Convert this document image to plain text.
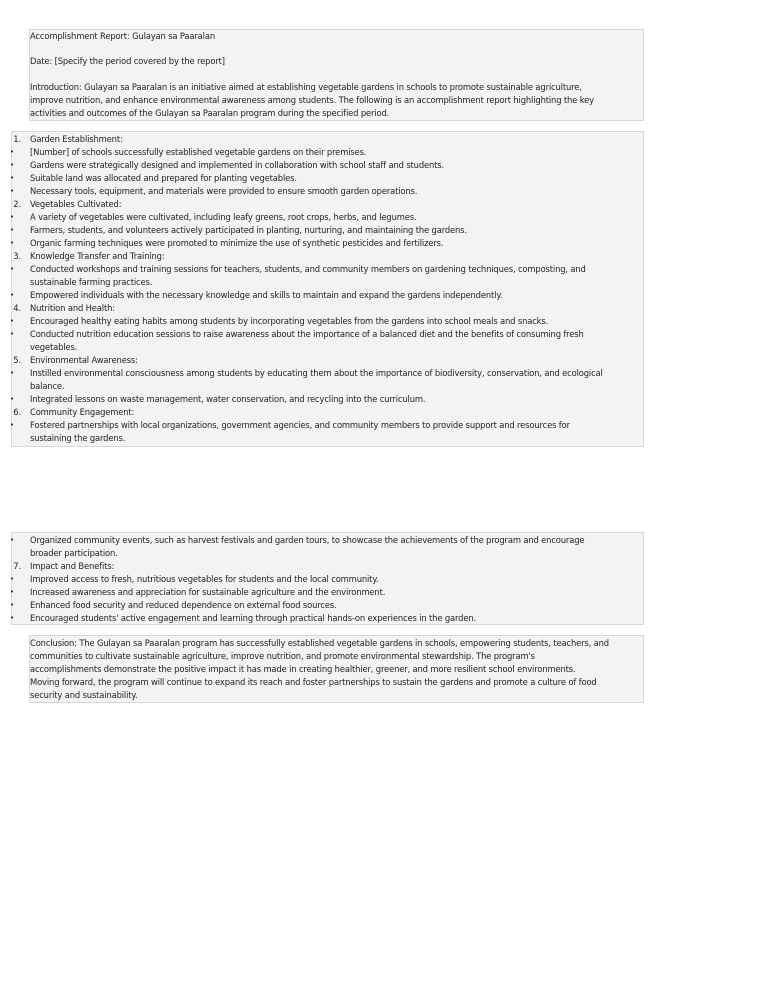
Accomplishment Report: Gulayan sa Paaralan
Date: [Specify the period covered by the report]
Introduction: Gulayan sa Paaralan is an initiative aimed at establishing vegetable gardens in schools to promote sustainable agriculture,
improve nutrition, and enhance environmental awareness among students. The following is an accomplishment report highlighting the key
activities and outcomes of the Gulayan sa Paaralan program during the specified period.
1. Garden Establishment:
• [Number] of schools successfully established vegetable gardens on their premises.
• Gardens were strategically designed and implemented in collaboration with school staff and students.
• Suitable land was allocated and prepared for planting vegetables.
• Necessary tools, equipment, and materials were provided to ensure smooth garden operations.
2. Vegetables Cultivated:
• A variety of vegetables were cultivated, including leafy greens, root crops, herbs, and legumes.
• Farmers, students, and volunteers actively participated in planting, nurturing, and maintaining the gardens.
• Organic farming techniques were promoted to minimize the use of synthetic pesticides and fertilizers.
3. Knowledge Transfer and Training:
• Conducted workshops and training sessions for teachers, students, and community members on gardening techniques, composting, and
sustainable farming practices.
• Empowered individuals with the necessary knowledge and skills to maintain and expand the gardens independently.
4. Nutrition and Health:
• Encouraged healthy eating habits among students by incorporating vegetables from the gardens into school meals and snacks.
• Conducted nutrition education sessions to raise awareness about the importance of a balanced diet and the benefits of consuming fresh
vegetables.
5. Environmental Awareness:
• Instilled environmental consciousness among students by educating them about the importance of biodiversity, conservation, and ecological
balance.
• Integrated lessons on waste management, water conservation, and recycling into the curriculum.
6. Community Engagement:
• Fostered partnerships with local organizations, government agencies, and community members to provide support and resources for
sustaining the gardens.
• Organized community events, such as harvest festivals and garden tours, to showcase the achievements of the program and encourage
broader participation.
7. Impact and Benefits:
• Improved access to fresh, nutritious vegetables for students and the local community.
• Increased awareness and appreciation for sustainable agriculture and the environment.
• Enhanced food security and reduced dependence on external food sources.
• Encouraged students' active engagement and learning through practical hands-on experiences in the garden.
Conclusion: The Gulayan sa Paaralan program has successfully established vegetable gardens in schools, empowering students, teachers, and
communities to cultivate sustainable agriculture, improve nutrition, and promote environmental stewardship. The program's
accomplishments demonstrate the positive impact it has made in creating healthier, greener, and more resilient school environments.
Moving forward, the program will continue to expand its reach and foster partnerships to sustain the gardens and promote a culture of food
security and sustainability.
